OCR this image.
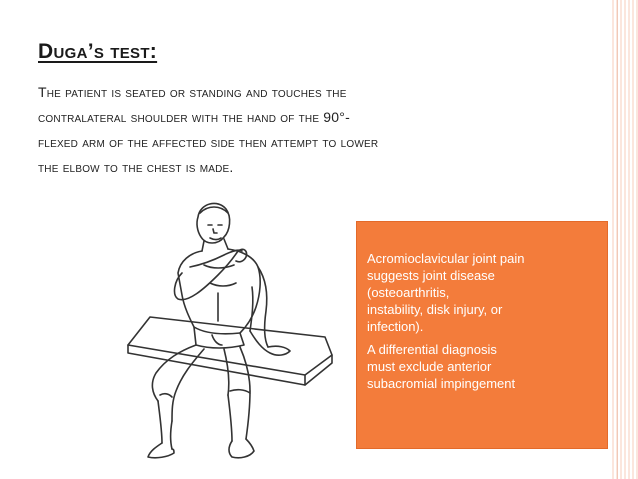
Duga’s test:

The patient is seated or standing and touches the
contralateral shoulder with the hand of the 90°-
flexed arm of the affected side then attempt to lower
the elbow to the chest is made.

Acromioclavicular joint pain
suggests joint disease
(osteoarthritis,
instability, disk injury, or
infection).

A differential diagnosis
must exclude anterior
subacromial impingement
